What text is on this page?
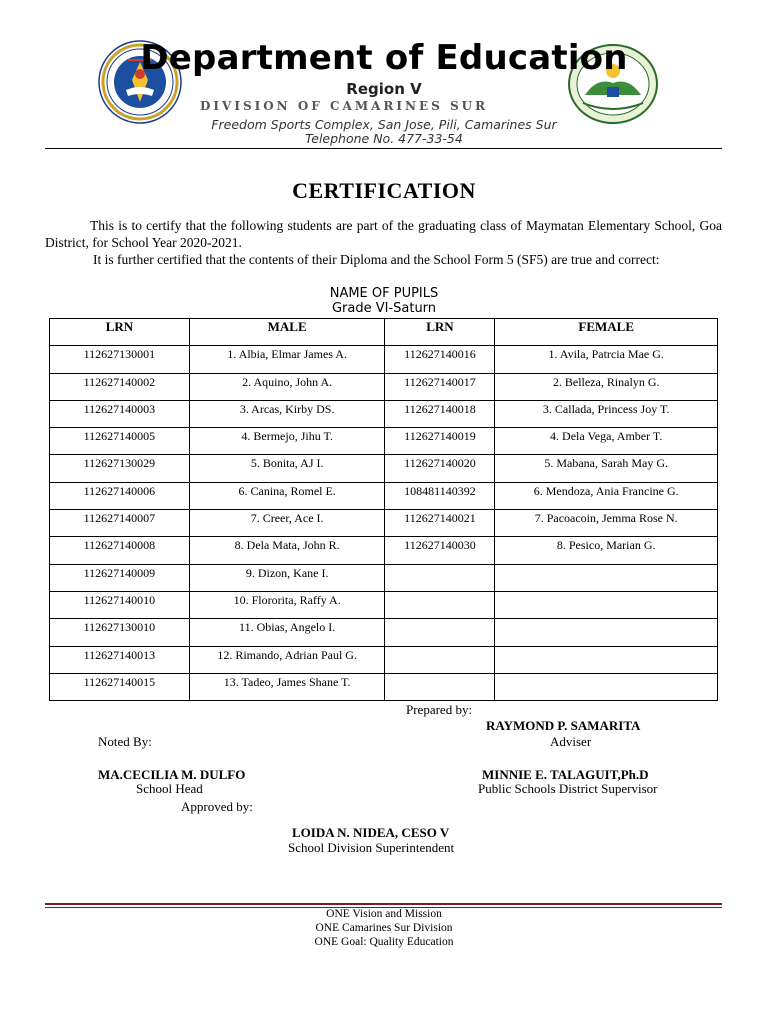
Department of Education
Region V
DIVISION OF CAMARINES SUR
Freedom Sports Complex, San Jose, Pili, Camarines Sur
Telephone No. 477-33-54
CERTIFICATION
This is to certify that the following students are part of the graduating class of Maymatan Elementary School, Goa District, for School Year 2020-2021.
It is further certified that the contents of their Diploma and the School Form 5 (SF5) are true and correct:
NAME OF PUPILS
Grade VI-Saturn
LRN	MALE	LRN	FEMALE
112627130001	1. Albia, Elmar James A.	112627140016	1. Avila, Patrcia Mae G.
112627140002	2. Aquino, John A.	112627140017	2. Belleza, Rinalyn G.
112627140003	3. Arcas, Kirby DS.	112627140018	3. Callada, Princess Joy T.
112627140005	4. Bermejo, Jihu T.	112627140019	4. Dela Vega, Amber T.
112627130029	5. Bonita, AJ I.	112627140020	5. Mabana, Sarah May G.
112627140006	6. Canina, Romel E.	108481140392	6. Mendoza, Ania Francine G.
112627140007	7. Creer, Ace I.	112627140021	7. Pacoacoin, Jemma Rose N.
112627140008	8. Dela Mata, John R.	112627140030	8. Pesico, Marian G.
112627140009	9. Dizon, Kane I.		
112627140010	10. Flororita, Raffy A.		
112627130010	11. Obias, Angelo I.		
112627140013	12. Rimando, Adrian Paul G.		
112627140015	13. Tadeo, James Shane T.		
Prepared by:
RAYMOND P. SAMARITA
Adviser
Noted By:
MA.CECILIA M. DULFO
School Head
MINNIE E. TALAGUIT,Ph.D
Public Schools District Supervisor
Approved by:
LOIDA N. NIDEA, CESO V
School Division Superintendent
ONE Vision and Mission
ONE Camarines Sur Division
ONE Goal: Quality Education
